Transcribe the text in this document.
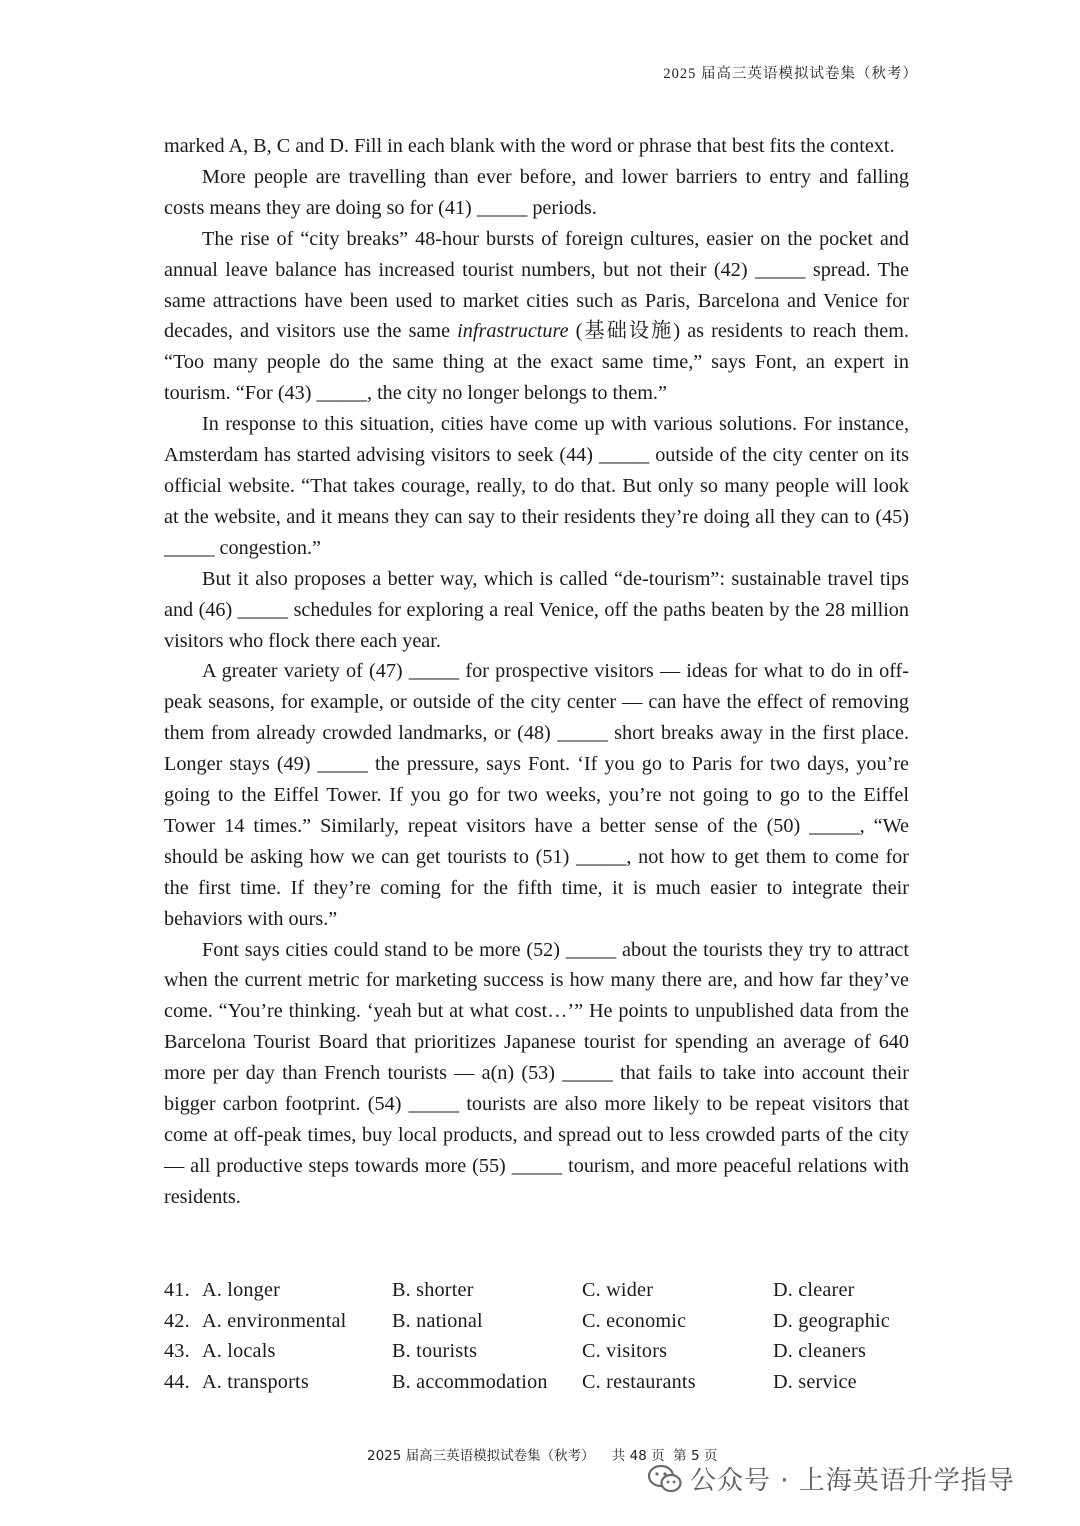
2025 届高三英语模拟试卷集（秋考）

marked A, B, C and D. Fill in each blank with the word or phrase that best fits the context.

More people are travelling than ever before, and lower barriers to entry and falling costs means they are doing so for (41) _____ periods.

The rise of “city breaks” 48-hour bursts of foreign cultures, easier on the pocket and annual leave balance has increased tourist numbers, but not their (42) _____ spread. The same attractions have been used to market cities such as Paris, Barcelona and Venice for decades, and visitors use the same infrastructure (基础设施) as residents to reach them. “Too many people do the same thing at the exact same time,” says Font, an expert in tourism. “For (43) _____, the city no longer belongs to them.”

In response to this situation, cities have come up with various solutions. For instance, Amsterdam has started advising visitors to seek (44) _____ outside of the city center on its official website. “That takes courage, really, to do that. But only so many people will look at the website, and it means they can say to their residents they’re doing all they can to (45) _____ congestion.”

But it also proposes a better way, which is called “de-tourism”: sustainable travel tips and (46) _____ schedules for exploring a real Venice, off the paths beaten by the 28 million visitors who flock there each year.

A greater variety of (47) _____ for prospective visitors — ideas for what to do in off-peak seasons, for example, or outside of the city center — can have the effect of removing them from already crowded landmarks, or (48) _____ short breaks away in the first place. Longer stays (49) _____ the pressure, says Font. ‘If you go to Paris for two days, you’re going to the Eiffel Tower. If you go for two weeks, you’re not going to go to the Eiffel Tower 14 times.” Similarly, repeat visitors have a better sense of the (50) _____, “We should be asking how we can get tourists to (51) _____, not how to get them to come for the first time. If they’re coming for the fifth time, it is much easier to integrate their behaviors with ours.”

Font says cities could stand to be more (52) _____ about the tourists they try to attract when the current metric for marketing success is how many there are, and how far they’ve come. “You’re thinking. ‘yeah but at what cost…’” He points to unpublished data from the Barcelona Tourist Board that prioritizes Japanese tourist for spending an average of 640 more per day than French tourists — a(n) (53) _____ that fails to take into account their bigger carbon footprint. (54) _____ tourists are also more likely to be repeat visitors that come at off-peak times, buy local products, and spread out to less crowded parts of the city — all productive steps towards more (55) _____ tourism, and more peaceful relations with residents.

41. A. longer	B. shorter	C. wider	D. clearer
42. A. environmental B. national	C. economic	D. geographic
43. A. locals	B. tourists	C. visitors	D. cleaners
44. A. transports	B. accommodation C. restaurants	D. service
2025 届高三英语模拟试卷集（秋考）    共 48 页  第 5 页
公众号 · 上海英语升学指导
